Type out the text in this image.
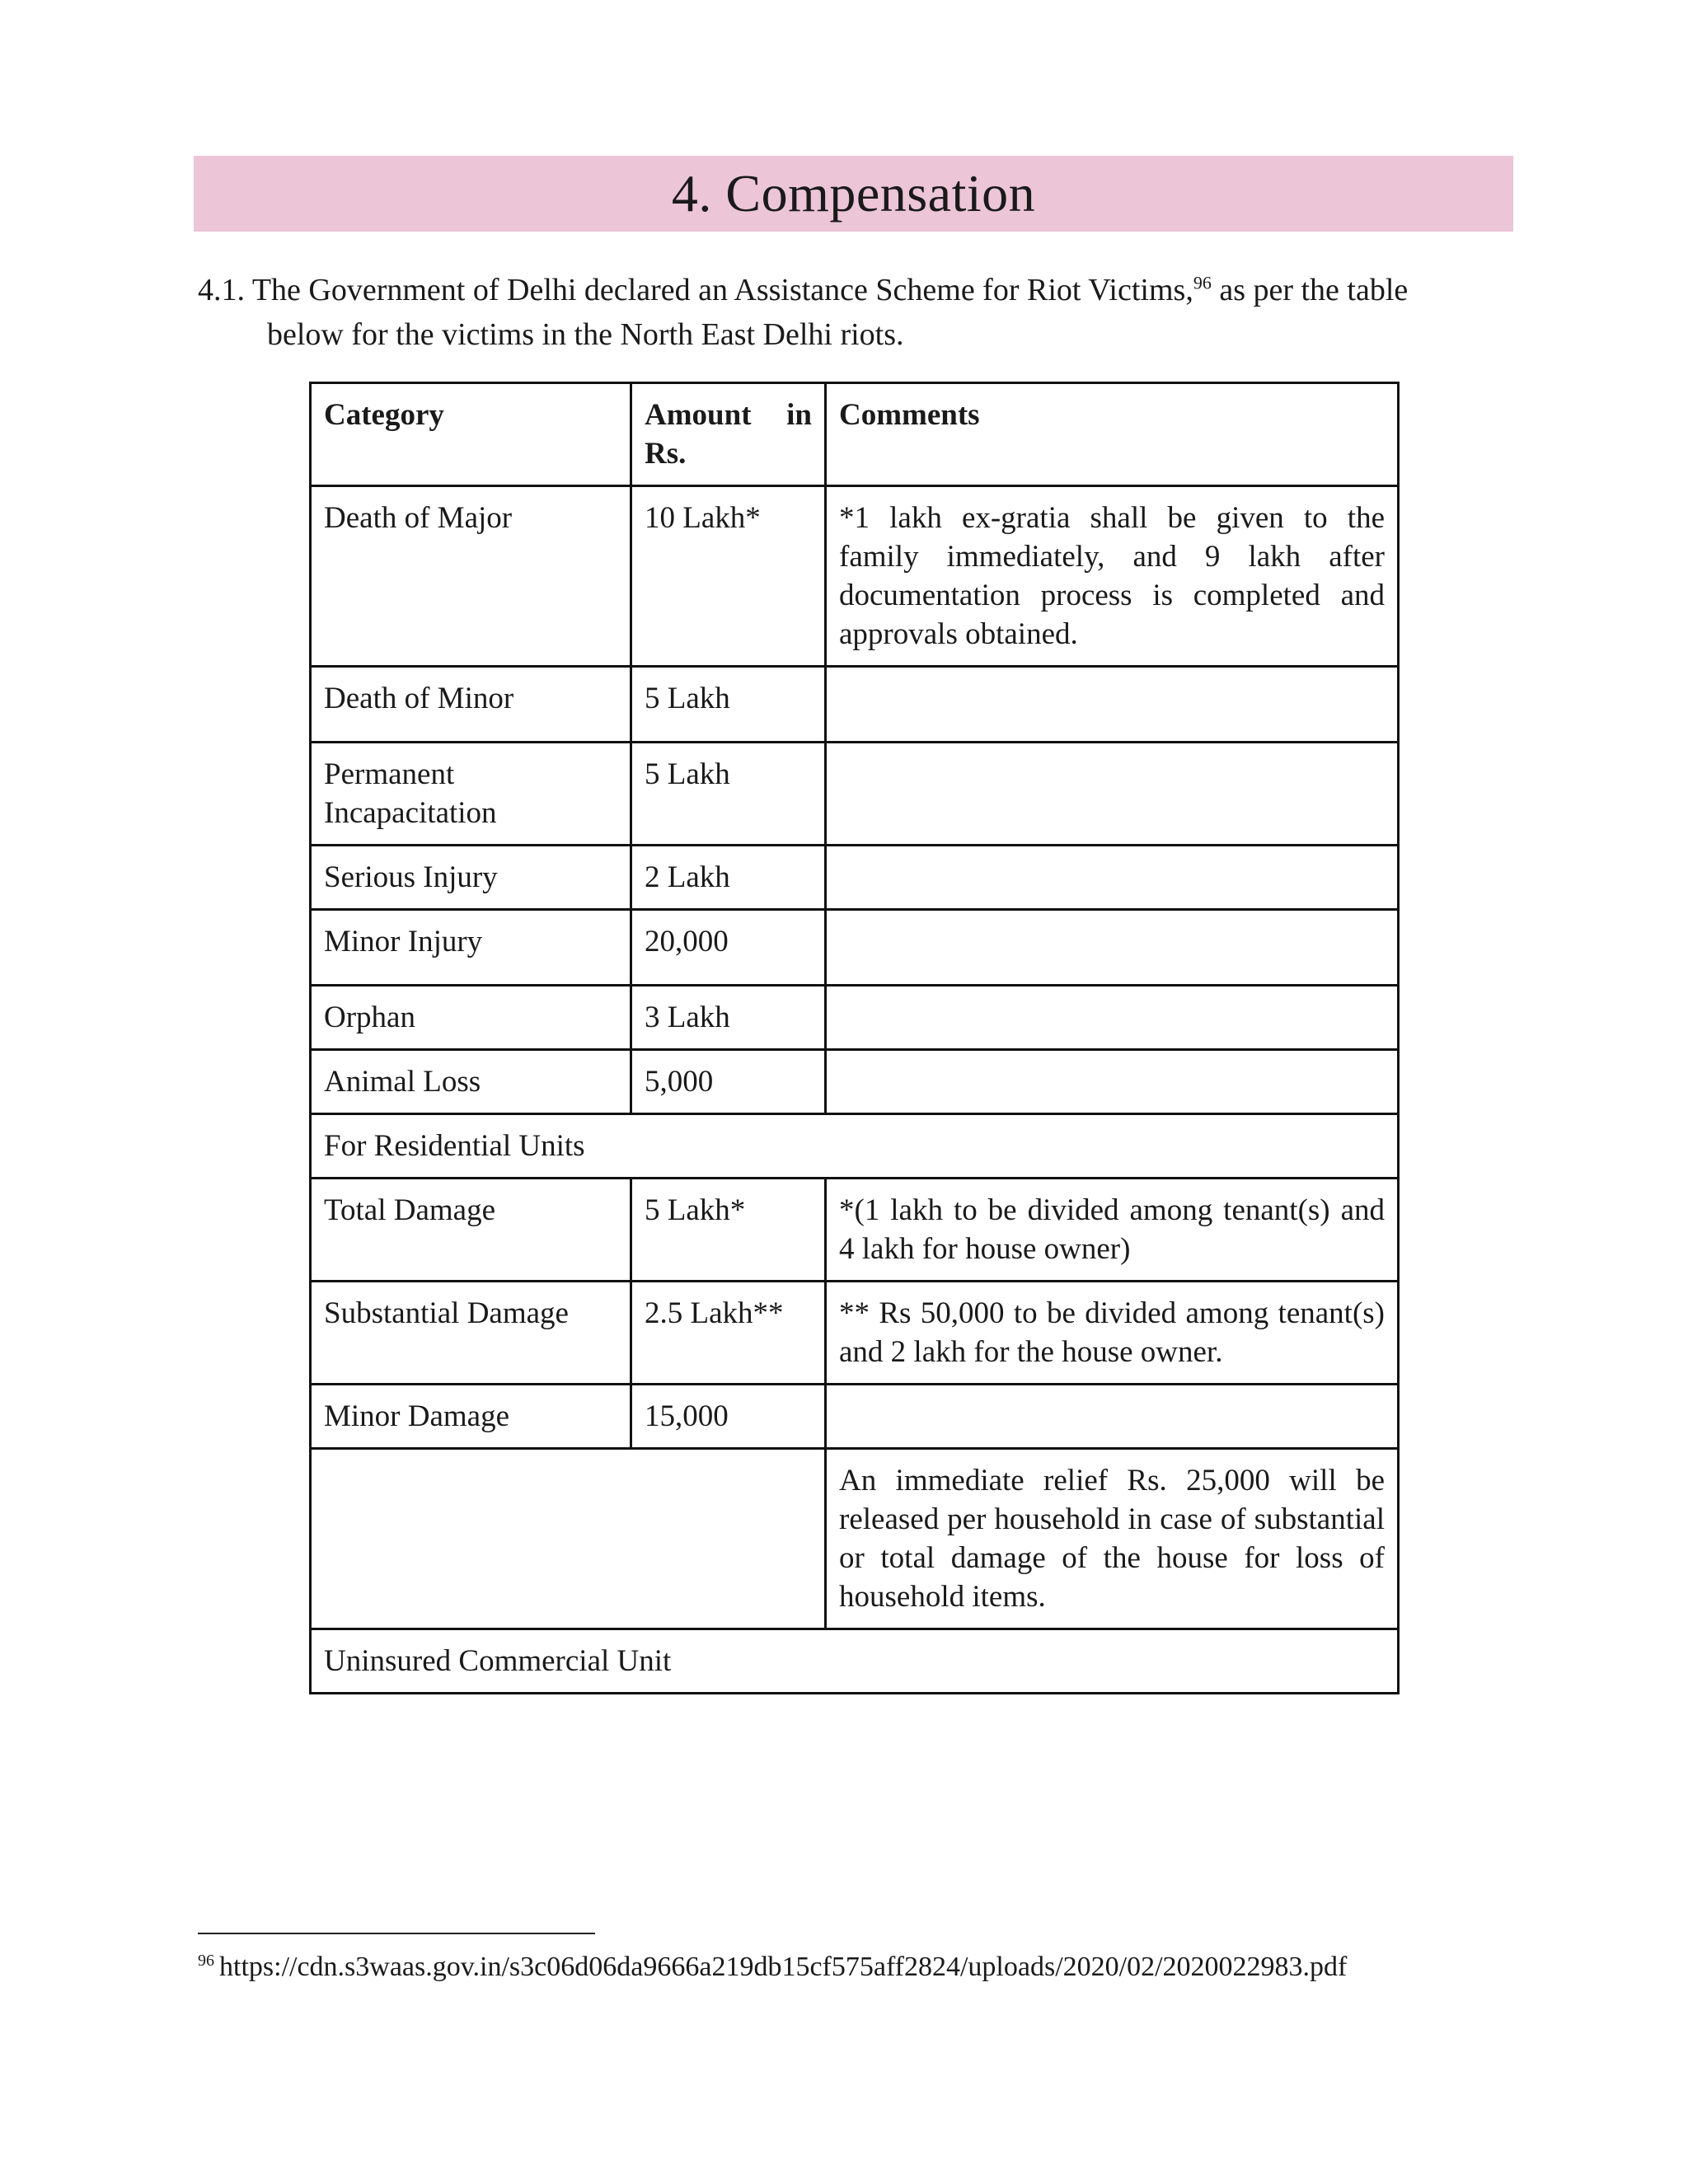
4. Compensation
4.1. The Government of Delhi declared an Assistance Scheme for Riot Victims,$^{96}$ as per the table
below for the victims in the North East Delhi riots.
Category	Amount in Rs.	Comments
Death of Major	10 Lakh*	*1 lakh ex-gratia shall be given to the family immediately, and 9 lakh after documentation process is completed and approvals obtained.
Death of Minor	5 Lakh	
Permanent Incapacitation	5 Lakh	
Serious Injury	2 Lakh	
Minor Injury	20,000	
Orphan	3 Lakh	
Animal Loss	5,000	
For Residential Units		
Total Damage	5 Lakh*	*(1 lakh to be divided among tenant(s) and 4 lakh for house owner)
Substantial Damage	2.5 Lakh**	** Rs 50,000 to be divided among tenant(s) and 2 lakh for the house owner.
Minor Damage	15,000	
		An immediate relief Rs. 25,000 will be released per household in case of substantial or total damage of the house for loss of household items.
Uninsured Commercial Unit		
$^{96}$ https://cdn.s3waas.gov.in/s3c06d06da9666a219db15cf575aff2824/uploads/2020/02/2020022983.pdf
